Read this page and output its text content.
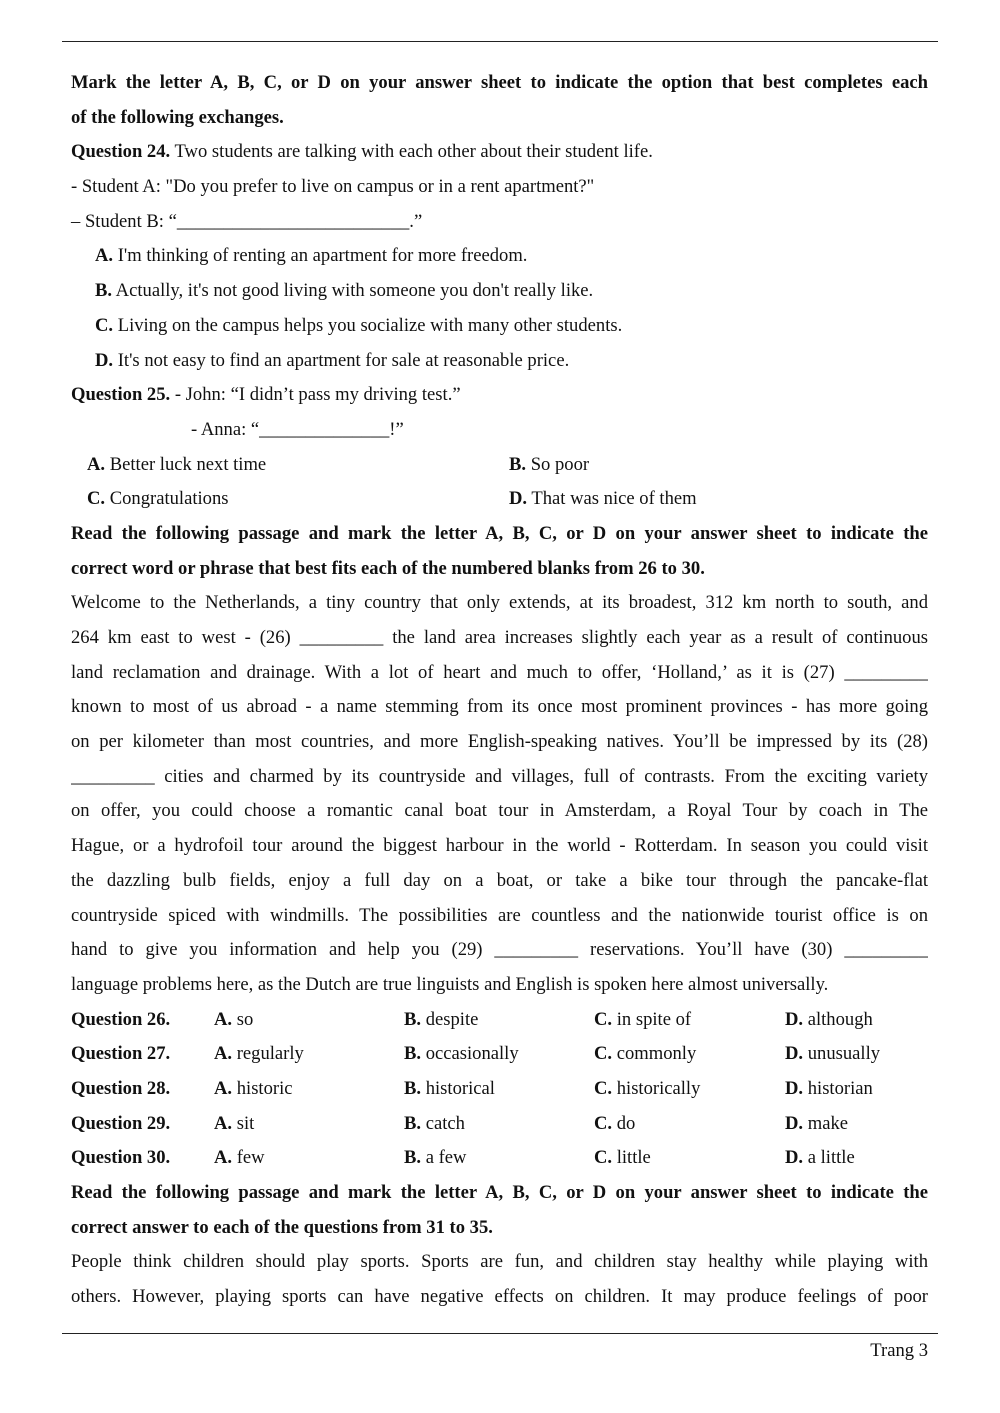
Mark the letter A, B, C, or D on your answer sheet to indicate the option that best completes each
of the following exchanges.
Question 24. Two students are talking with each other about their student life.
- Student A: "Do you prefer to live on campus or in a rent apartment?"
– Student B: “_________________________.”
A. I'm thinking of renting an apartment for more freedom.
B. Actually, it's not good living with someone you don't really like.
C. Living on the campus helps you socialize with many other students.
D. It's not easy to find an apartment for sale at reasonable price.
Question 25. - John: “I didn’t pass my driving test.”
- Anna: “______________!”
A. Better luck next time	B. So poor
C. Congratulations	D. That was nice of them
Read the following passage and mark the letter A, B, C, or D on your answer sheet to indicate the
correct word or phrase that best fits each of the numbered blanks from 26 to 30.
Welcome to the Netherlands, a tiny country that only extends, at its broadest, 312 km north to south, and
264 km east to west - (26) _________ the land area increases slightly each year as a result of continuous
land reclamation and drainage. With a lot of heart and much to offer, ‘Holland,’ as it is (27) _________
known to most of us abroad - a name stemming from its once most prominent provinces - has more going
on per kilometer than most countries, and more English-speaking natives. You’ll be impressed by its (28)
_________ cities and charmed by its countryside and villages, full of contrasts. From the exciting variety
on offer, you could choose a romantic canal boat tour in Amsterdam, a Royal Tour by coach in The
Hague, or a hydrofoil tour around the biggest harbour in the world - Rotterdam. In season you could visit
the dazzling bulb fields, enjoy a full day on a boat, or take a bike tour through the pancake-flat
countryside spiced with windmills. The possibilities are countless and the nationwide tourist office is on
hand to give you information and help you (29) _________ reservations. You’ll have (30) _________
language problems here, as the Dutch are true linguists and English is spoken here almost universally.
Question 26. A. so	B. despite	C. in spite of	D. although
Question 27. A. regularly	B. occasionally	C. commonly	D. unusually
Question 28. A. historic	B. historical	C. historically	D. historian
Question 29. A. sit	B. catch	C. do	D. make
Question 30. A. few	B. a few	C. little	D. a little
Read the following passage and mark the letter A, B, C, or D on your answer sheet to indicate the
correct answer to each of the questions from 31 to 35.
People think children should play sports. Sports are fun, and children stay healthy while playing with
others. However, playing sports can have negative effects on children. It may produce feelings of poor
Trang 3
